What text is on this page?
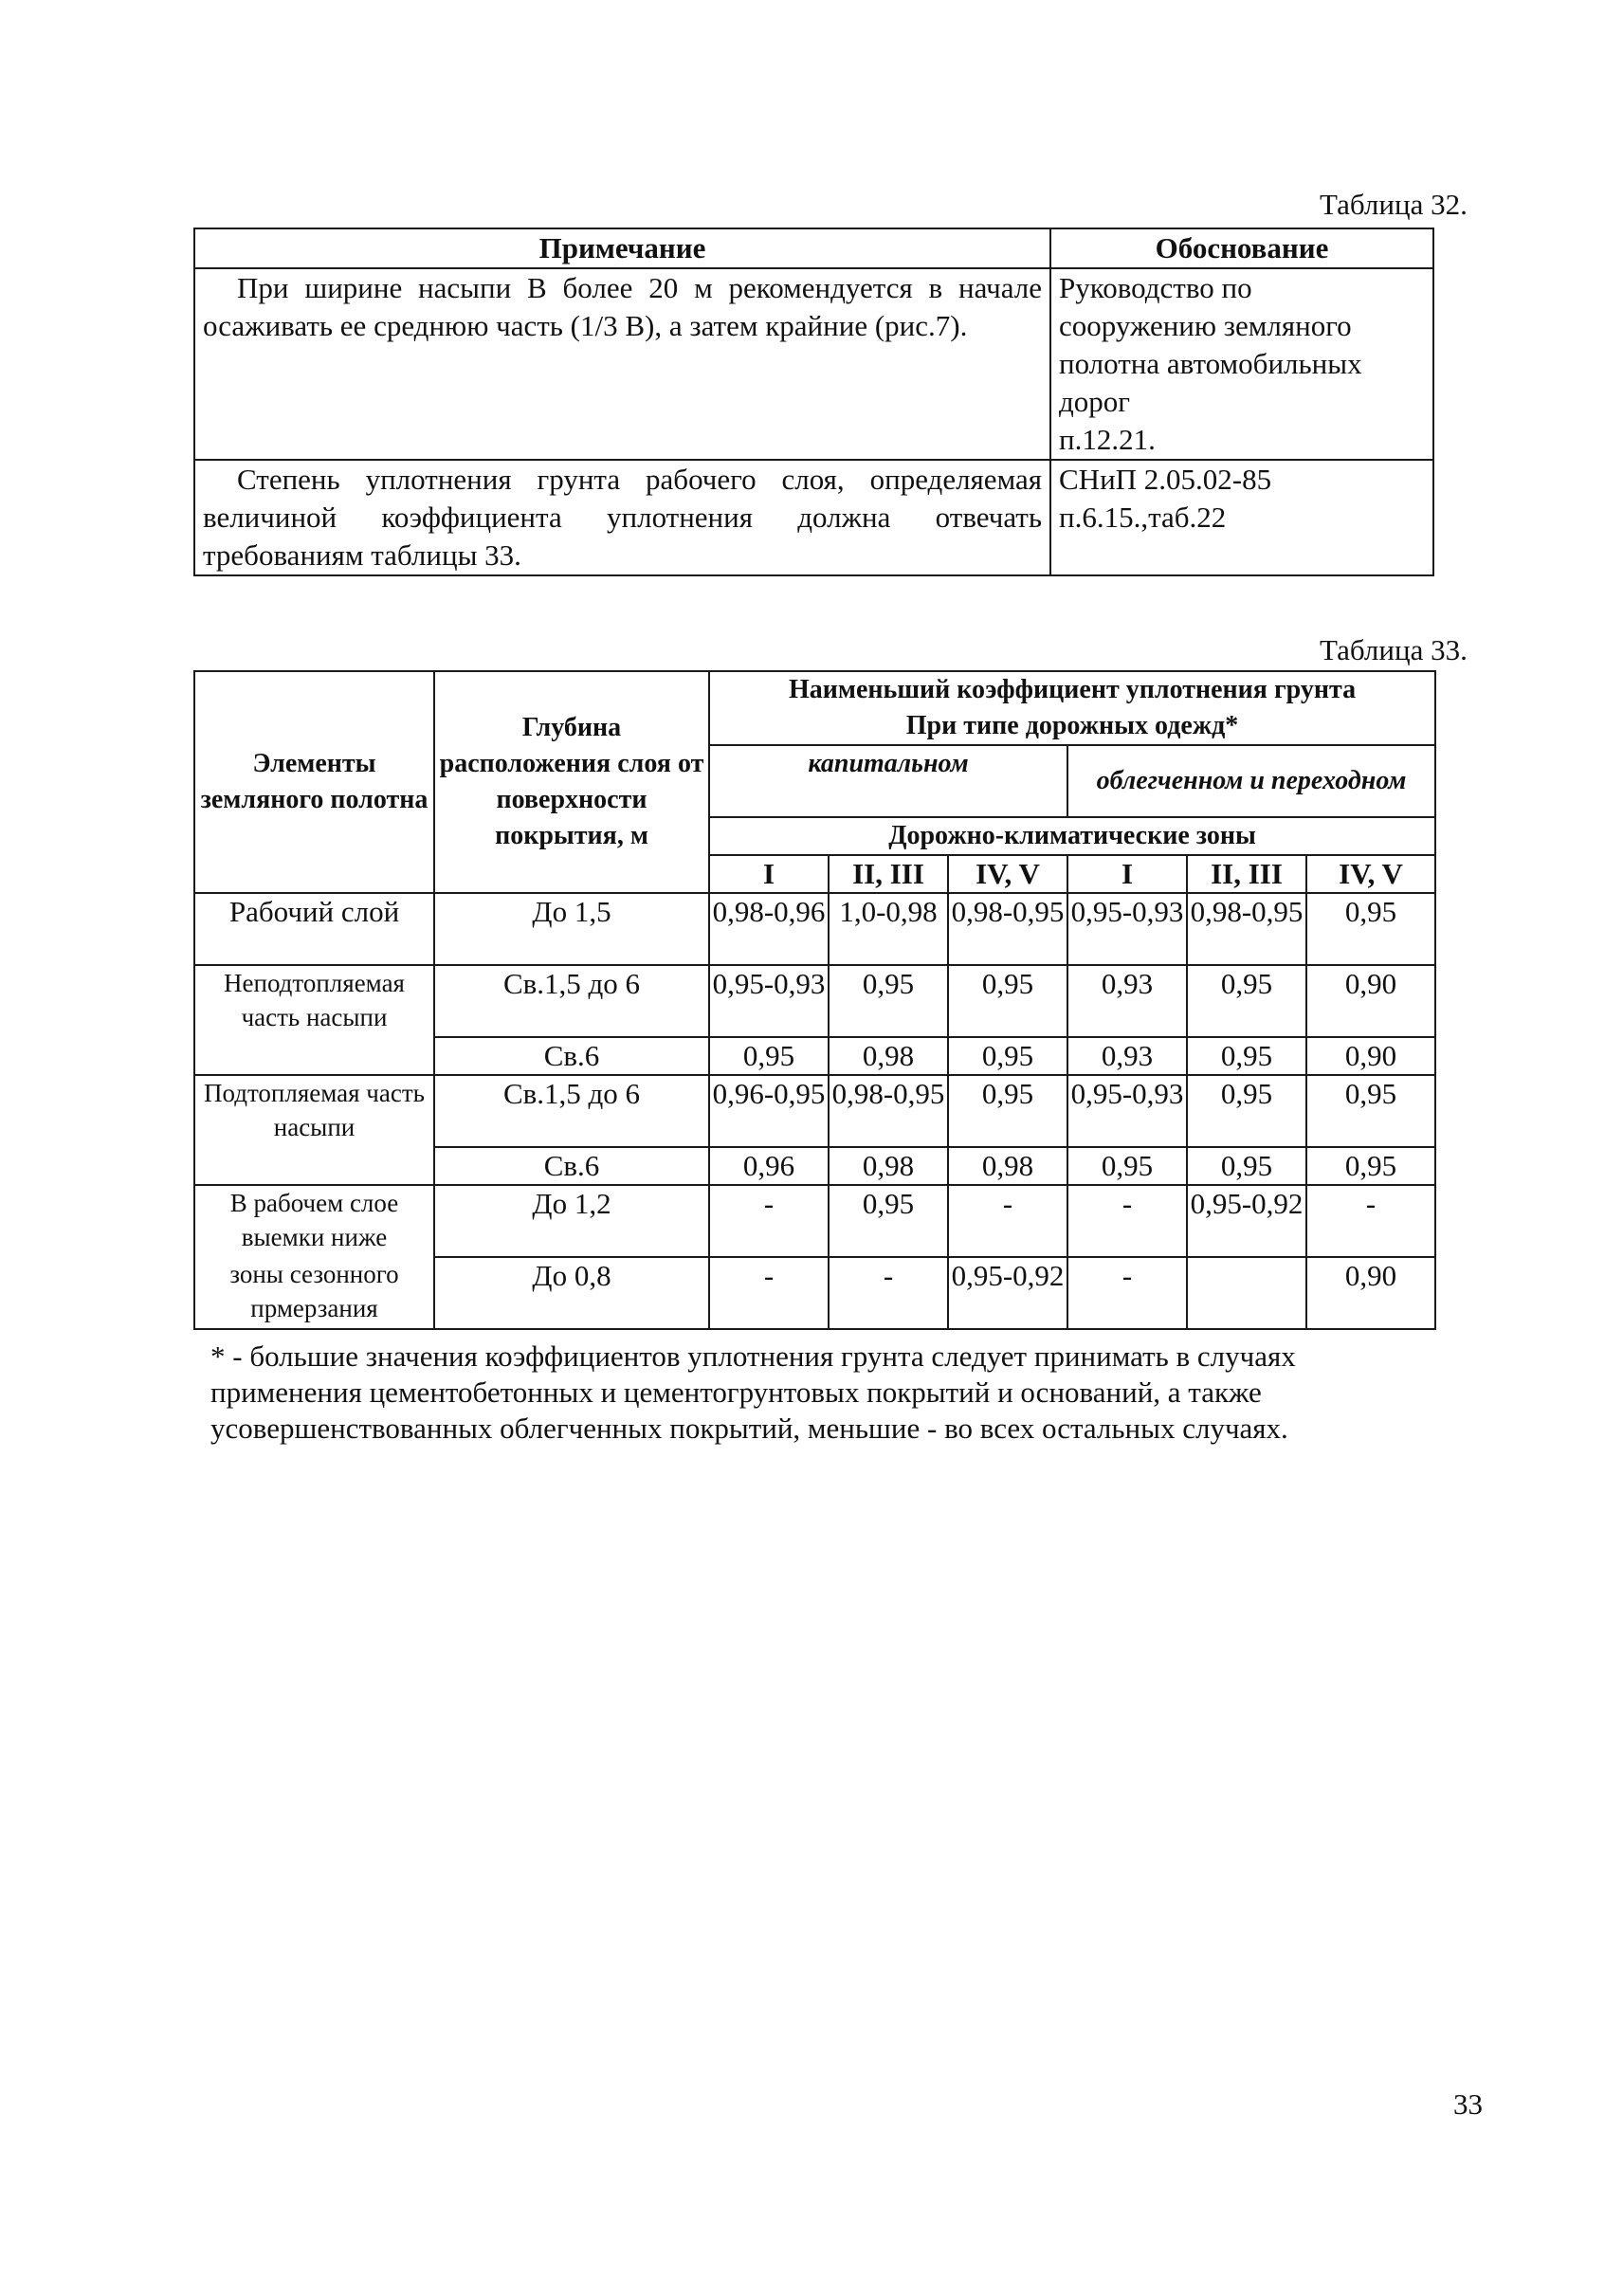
Таблица 32.
Примечание	Обоснование
При ширине насыпи В более 20 м рекомендуется в начале осаживать ее среднюю часть (1/3 В), а затем крайние (рис.7).	Руководство по
сооружению земляного
полотна автомобильных
дорог
п.12.21.

Степень уплотнения грунта рабочего слоя, определяемая величиной коэффициента уплотнения должна отвечать требованиям таблицы 33.	СНиП 2.05.02-85
п.6.15.,таб.22
Таблица 33.
Элементы земляного полотна	Глубина расположения слоя от поверхности покрытия, м	Наименьший коэффициент уплотнения грунта
При типе дорожных одежд*					

		капитальном			облегченном и переходном		
		Дорожно-климатические зоны					
		I	II, III	IV, V	I	II, III	IV, V
Рабочий слой	До 1,5	0,98-0,96	1,0-0,98	0,98-0,95	0,95-0,93	0,98-0,95	0,95
Неподтопляемая часть насыпи	Св.1,5 до 6	0,95-0,93	0,95	0,95	0,93	0,95	0,90
	Св.6	0,95	0,98	0,95	0,93	0,95	0,90
Подтопляемая часть насыпи	Св.1,5 до 6	0,96-0,95	0,98-0,95	0,95	0,95-0,93	0,95	0,95
	Св.6	0,96	0,98	0,98	0,95	0,95	0,95
В рабочем слое выемки ниже	До 1,2	-	0,95	-	-	0,95-0,92	-
зоны сезонного прмерзания	До 0,8	-	-	0,95-0,92	-		0,90
* - большие значения коэффициентов уплотнения грунта следует принимать в случаях применения цементобетонных и цементогрунтовых покрытий и оснований, а также усовершенствованных облегченных покрытий, меньшие - во всех остальных случаях.
33
